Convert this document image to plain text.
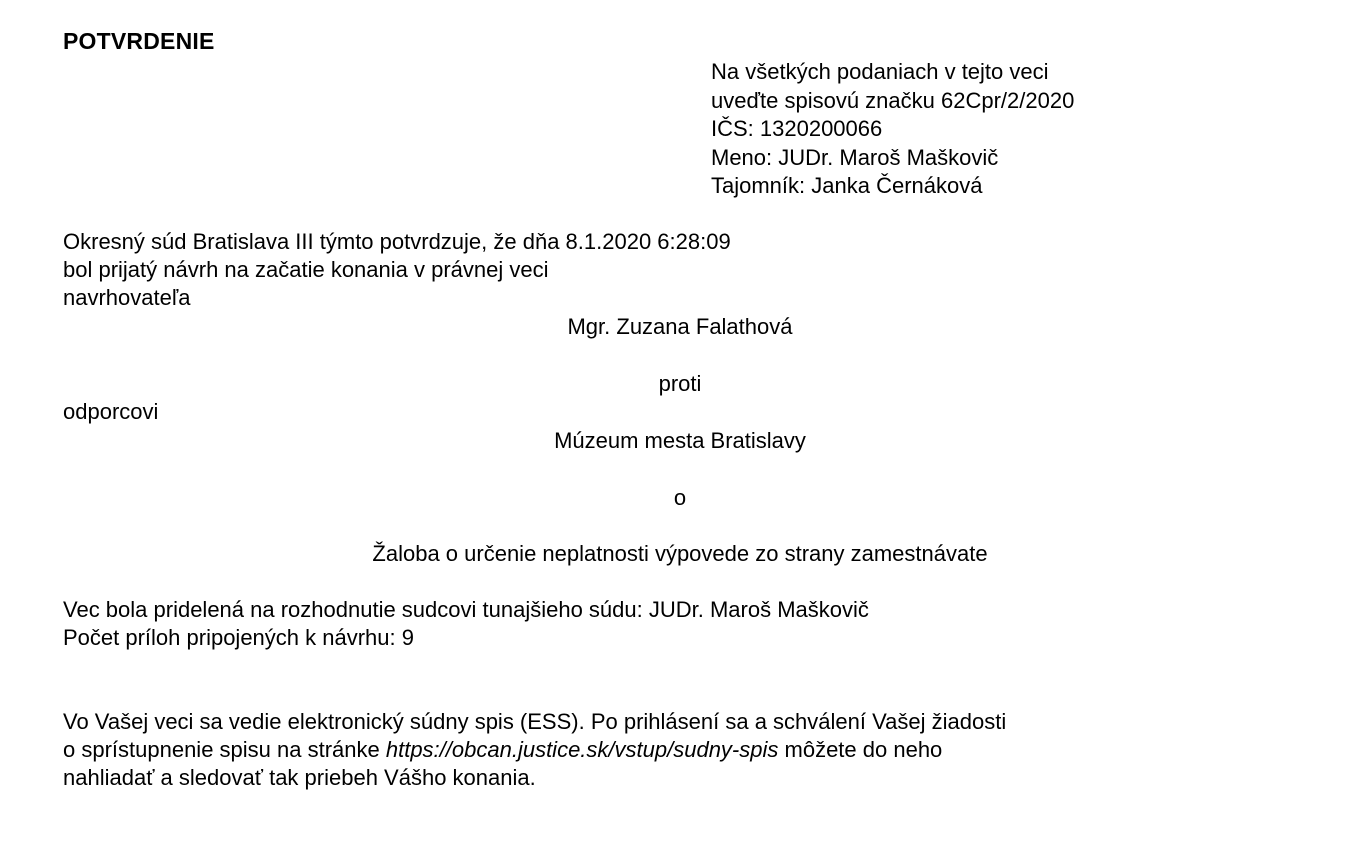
POTVRDENIE
Na všetkých podaniach v tejto veci
uveďte spisovú značku 62Cpr/2/2020
IČS: 1320200066
Meno: JUDr. Maroš Maškovič
Tajomník: Janka Černáková
Okresný súd Bratislava III týmto potvrdzuje, že dňa 8.1.2020 6:28:09
bol prijatý návrh na začatie konania v právnej veci
navrhovateľa
Mgr. Zuzana Falathová
proti
odporcovi
Múzeum mesta Bratislavy
o
Žaloba o určenie neplatnosti výpovede zo strany zamestnávate
Vec bola pridelená na rozhodnutie sudcovi tunajšieho súdu: JUDr. Maroš Maškovič
Počet príloh pripojených k návrhu: 9
Vo Vašej veci sa vedie elektronický súdny spis (ESS). Po prihlásení sa a schválení Vašej žiadosti
o sprístupnenie spisu na stránke https://obcan.justice.sk/vstup/sudny-spis môžete do neho
nahliadať a sledovať tak priebeh Vášho konania.
